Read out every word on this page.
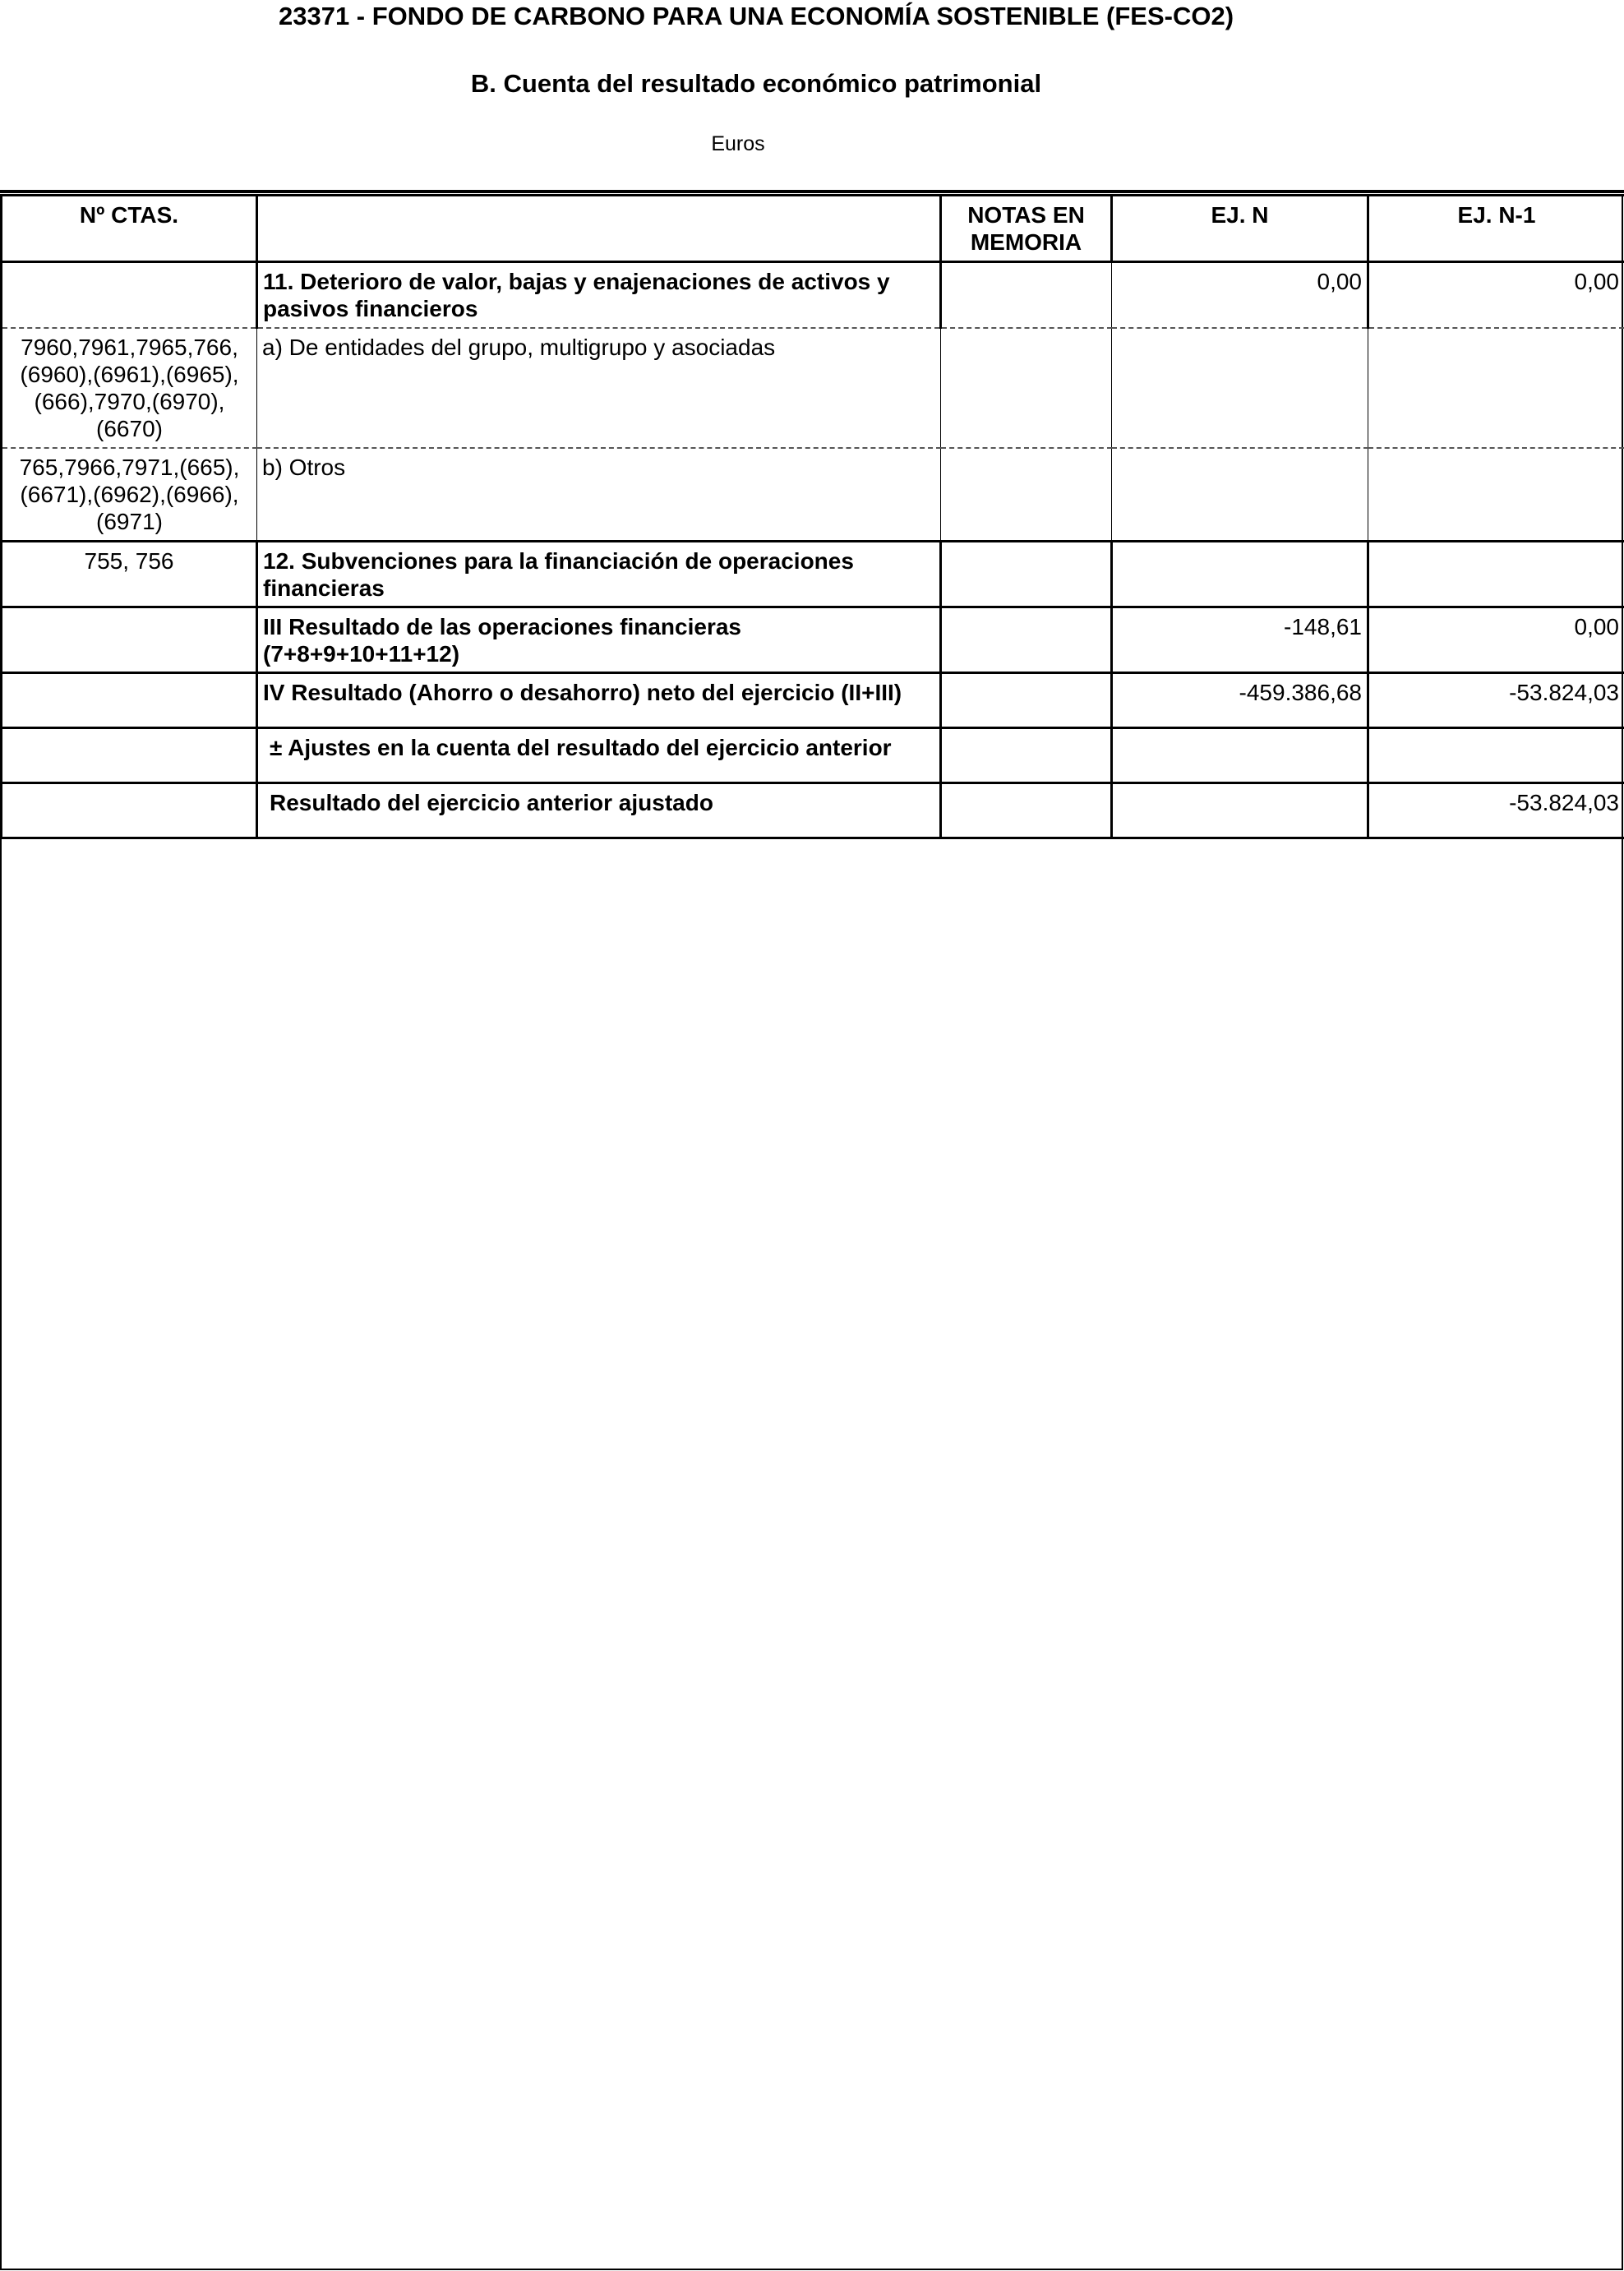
23371 - FONDO DE CARBONO PARA UNA ECONOMÍA SOSTENIBLE (FES-CO2)
B. Cuenta del resultado económico patrimonial
Euros
Nº CTAS.		NOTAS EN MEMORIA	EJ. N	EJ. N-1
	11. Deterioro de valor, bajas y enajenaciones de activos y pasivos financieros		0,00	0,00
7960,7961,7965,766,(6960),(6961),(6965),(666),7970,(6970),(6670)	a) De entidades del grupo, multigrupo y asociadas			
765,7966,7971,(665),(6671),(6962),(6966),(6971)	b) Otros			
755, 756	12. Subvenciones para la financiación de operaciones financieras			
	III Resultado de las operaciones financieras (7+8+9+10+11+12)		-148,61	0,00
	IV Resultado (Ahorro o desahorro) neto del ejercicio (II+III)		-459.386,68	-53.824,03
	± Ajustes en la cuenta del resultado del ejercicio anterior			
	Resultado del ejercicio anterior ajustado			-53.824,03
